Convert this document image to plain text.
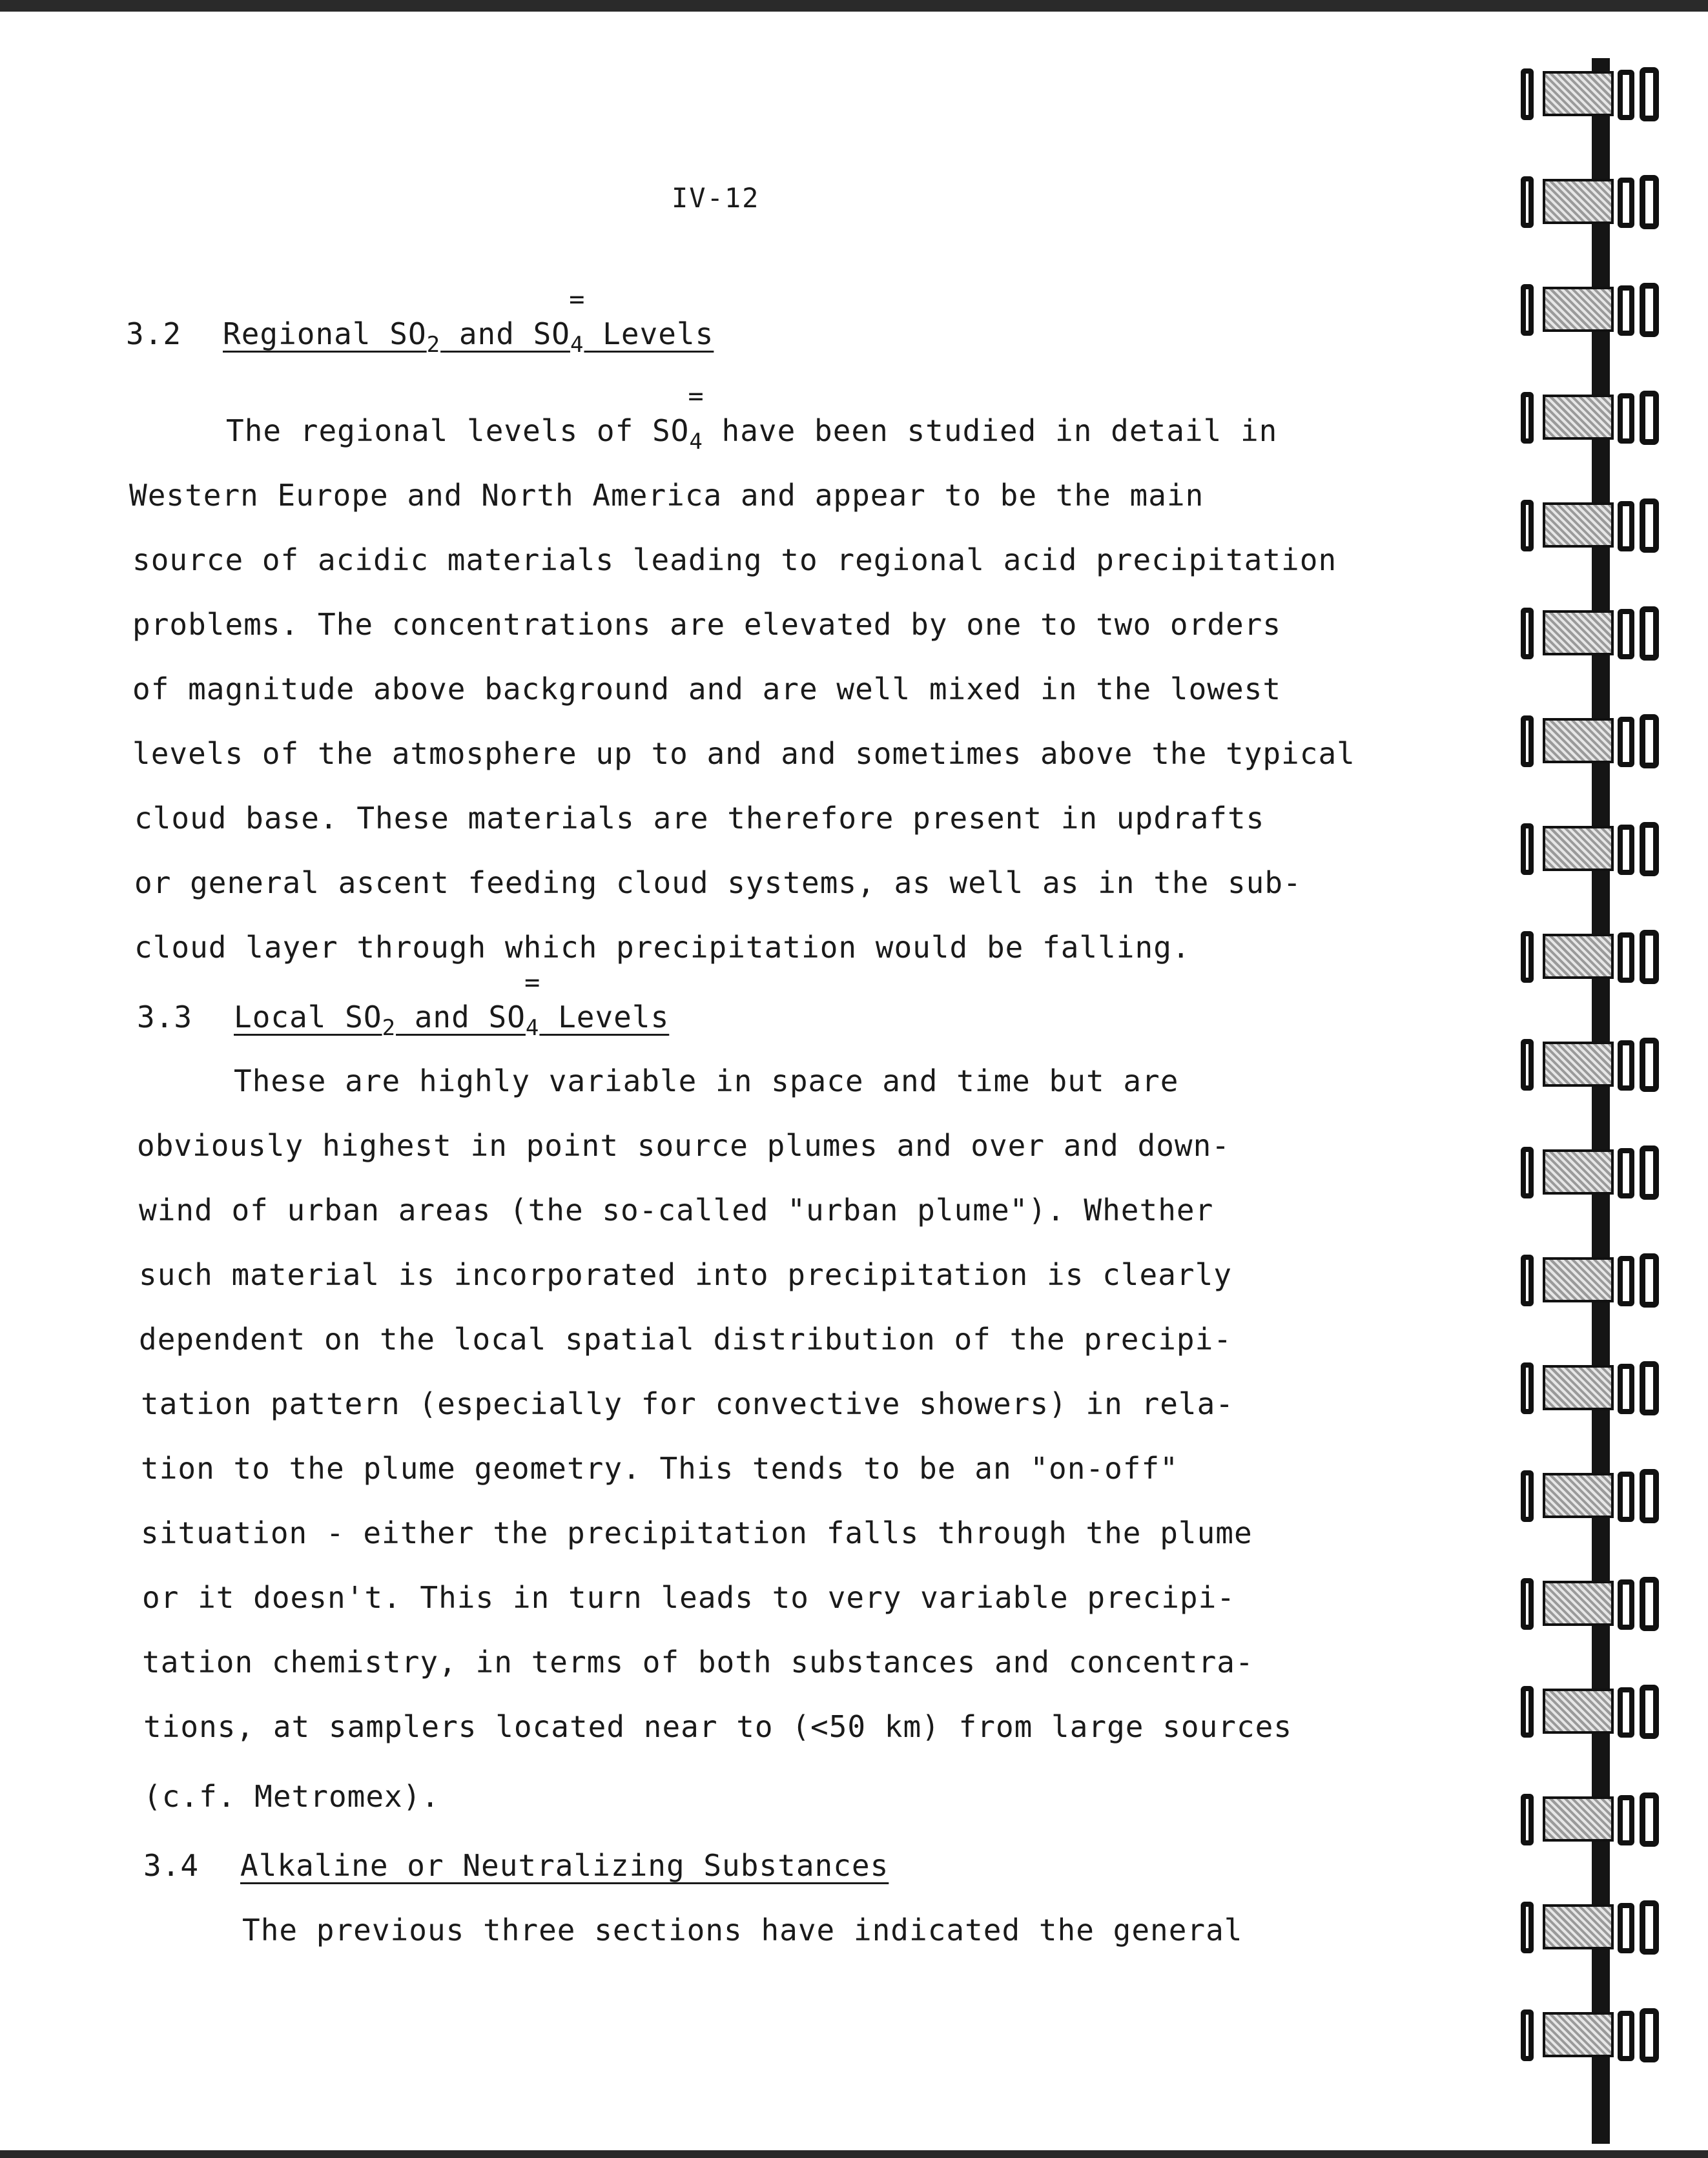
IV-12
3.2 Regional $SO_2$ and SO
=
$_4$ Levels
The regional levels of SO
=
$_4$ have been studied in detail in
Western Europe and North America and appear to be the main
source of acidic materials leading to regional acid precipitation
problems. The concentrations are elevated by one to two orders
of magnitude above background and are well mixed in the lowest
levels of the atmosphere up to and and sometimes above the typical
cloud base. These materials are therefore present in updrafts
or general ascent feeding cloud systems, as well as in the sub-
cloud layer through which precipitation would be falling.
3.3 Local $SO_2$ and SO
=
$_4$ Levels
These are highly variable in space and time but are
obviously highest in point source plumes and over and down-
wind of urban areas (the so-called "urban plume"). Whether
such material is incorporated into precipitation is clearly
dependent on the local spatial distribution of the precipi-
tation pattern (especially for convective showers) in rela-
tion to the plume geometry. This tends to be an "on-off"
situation - either the precipitation falls through the plume
or it doesn't. This in turn leads to very variable precipi-
tation chemistry, in terms of both substances and concentra-
tions, at samplers located near to (<50 km) from large sources
(c.f. Metromex).
3.4 Alkaline or Neutralizing Substances
The previous three sections have indicated the general
